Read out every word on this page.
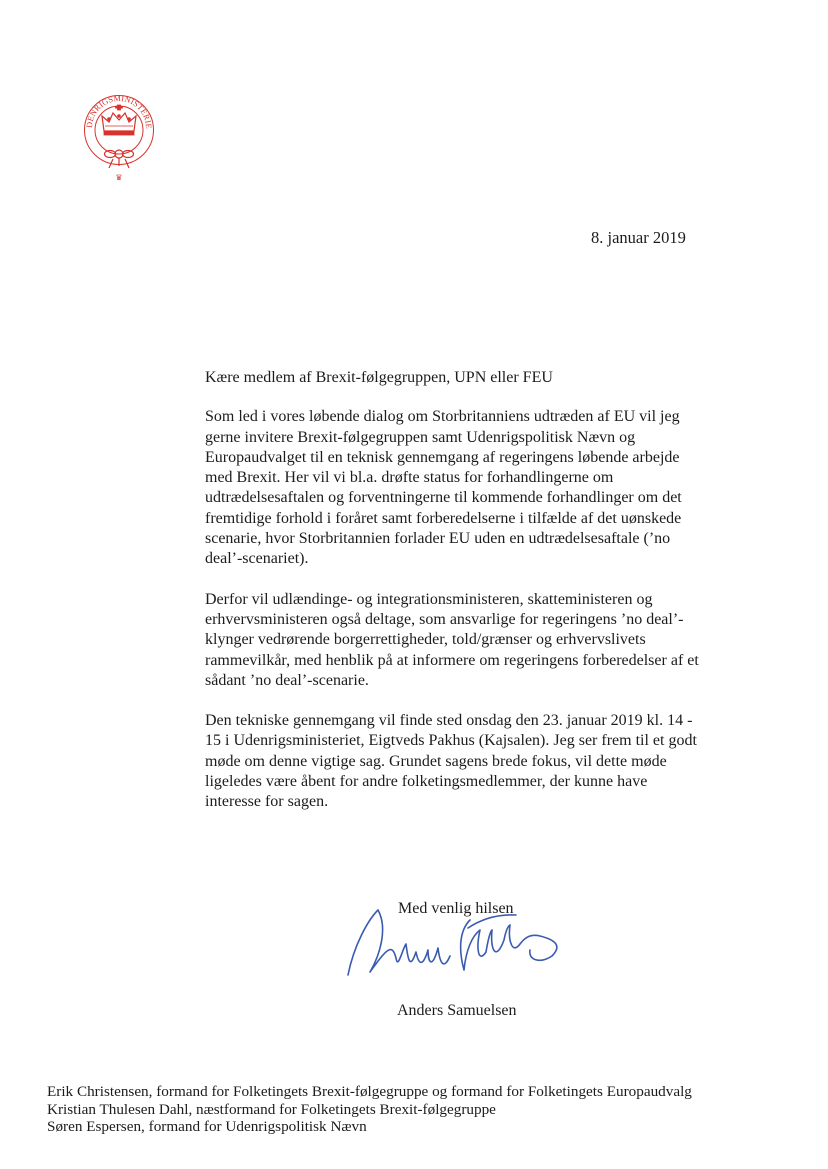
DENRIGSMINISTERIE
♛
8. januar 2019

Kære medlem af Brexit-følgegruppen, UPN eller FEU

Som led i vores løbende dialog om Storbritanniens udtræden af EU vil jeg gerne invitere Brexit-følgegruppen samt Udenrigspolitisk Nævn og Europaudvalget til en teknisk gennemgang af regeringens løbende arbejde med Brexit. Her vil vi bl.a. drøfte status for forhandlingerne om udtrædelsesaftalen og forventningerne til kommende forhandlinger om det fremtidige forhold i foråret samt forberedelserne i tilfælde af det uønskede scenarie, hvor Storbritannien forlader EU uden en udtrædelsesaftale (’no deal’-scenariet).

Derfor vil udlændinge- og integrationsministeren, skatteministeren og erhvervsministeren også deltage, som ansvarlige for regeringens ’no deal’-klynger vedrørende borgerrettigheder, told/grænser og erhvervslivets rammevilkår, med henblik på at informere om regeringens forberedelser af et sådant ’no deal’-scenarie.

Den tekniske gennemgang vil finde sted onsdag den 23. januar 2019 kl. 14 - 15 i Udenrigsministeriet, Eigtveds Pakhus (Kajsalen). Jeg ser frem til et godt møde om denne vigtige sag. Grundet sagens brede fokus, vil dette møde ligeledes være åbent for andre folketingsmedlemmer, der kunne have interesse for sagen.

Med venlig hilsen
Anders Samuelsen
Erik Christensen, formand for Folketingets Brexit-følgegruppe og formand for Folketingets Europaudvalg
Kristian Thulesen Dahl, næstformand for Folketingets Brexit-følgegruppe
Søren Espersen, formand for Udenrigspolitisk Nævn
